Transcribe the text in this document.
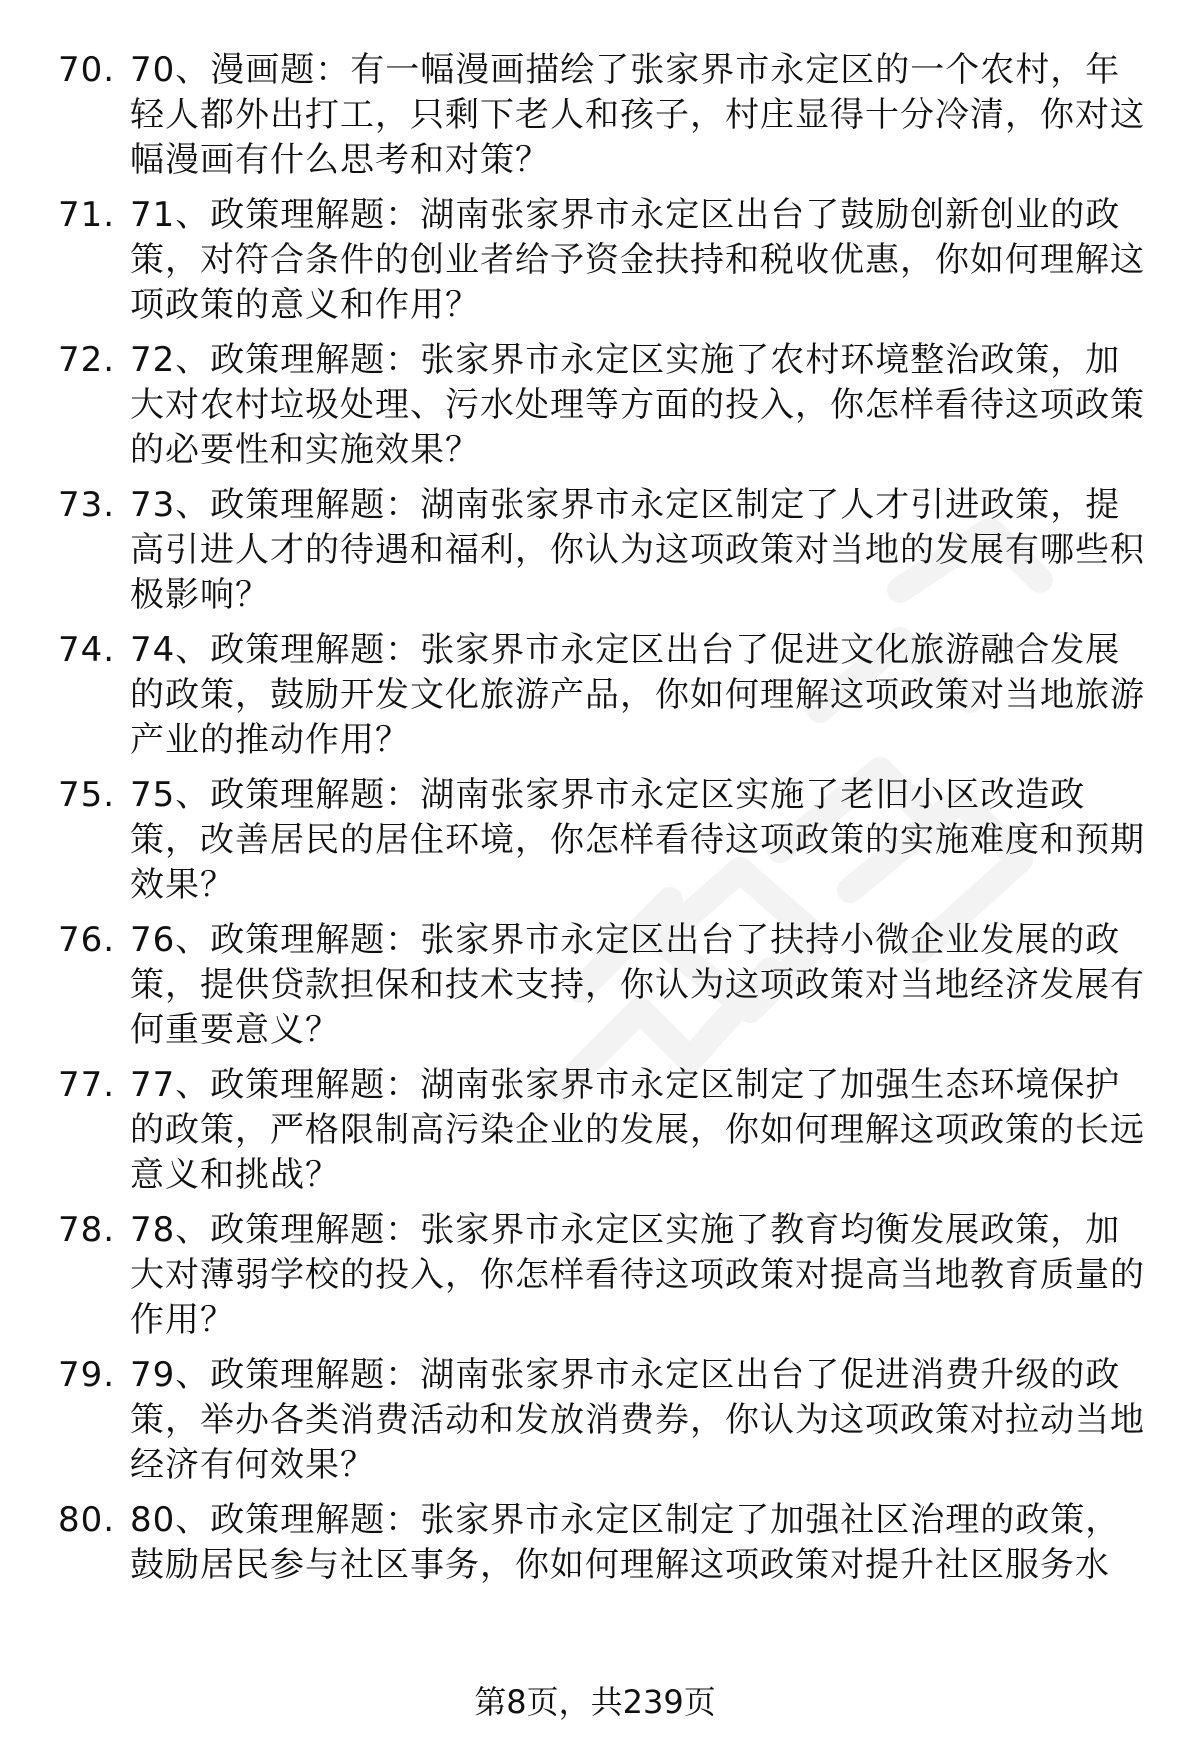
70. 70、漫画题：有一幅漫画描绘了张家界市永定区的一个农村，年轻人都外出打工，只剩下老人和孩子，村庄显得十分冷清，你对这幅漫画有什么思考和对策？
71. 71、政策理解题：湖南张家界市永定区出台了鼓励创新创业的政策，对符合条件的创业者给予资金扶持和税收优惠，你如何理解这项政策的意义和作用？
72. 72、政策理解题：张家界市永定区实施了农村环境整治政策，加大对农村垃圾处理、污水处理等方面的投入，你怎样看待这项政策的必要性和实施效果？
73. 73、政策理解题：湖南张家界市永定区制定了人才引进政策，提高引进人才的待遇和福利，你认为这项政策对当地的发展有哪些积极影响？
74. 74、政策理解题：张家界市永定区出台了促进文化旅游融合发展的政策，鼓励开发文化旅游产品，你如何理解这项政策对当地旅游产业的推动作用？
75. 75、政策理解题：湖南张家界市永定区实施了老旧小区改造政策，改善居民的居住环境，你怎样看待这项政策的实施难度和预期效果？
76. 76、政策理解题：张家界市永定区出台了扶持小微企业发展的政策，提供贷款担保和技术支持，你认为这项政策对当地经济发展有何重要意义？
77. 77、政策理解题：湖南张家界市永定区制定了加强生态环境保护的政策，严格限制高污染企业的发展，你如何理解这项政策的长远意义和挑战？
78. 78、政策理解题：张家界市永定区实施了教育均衡发展政策，加大对薄弱学校的投入，你怎样看待这项政策对提高当地教育质量的作用？
79. 79、政策理解题：湖南张家界市永定区出台了促进消费升级的政策，举办各类消费活动和发放消费券，你认为这项政策对拉动当地经济有何效果？
80. 80、政策理解题：张家界市永定区制定了加强社区治理的政策，鼓励居民参与社区事务，你如何理解这项政策对提升社区服务水
第8页，共239页
